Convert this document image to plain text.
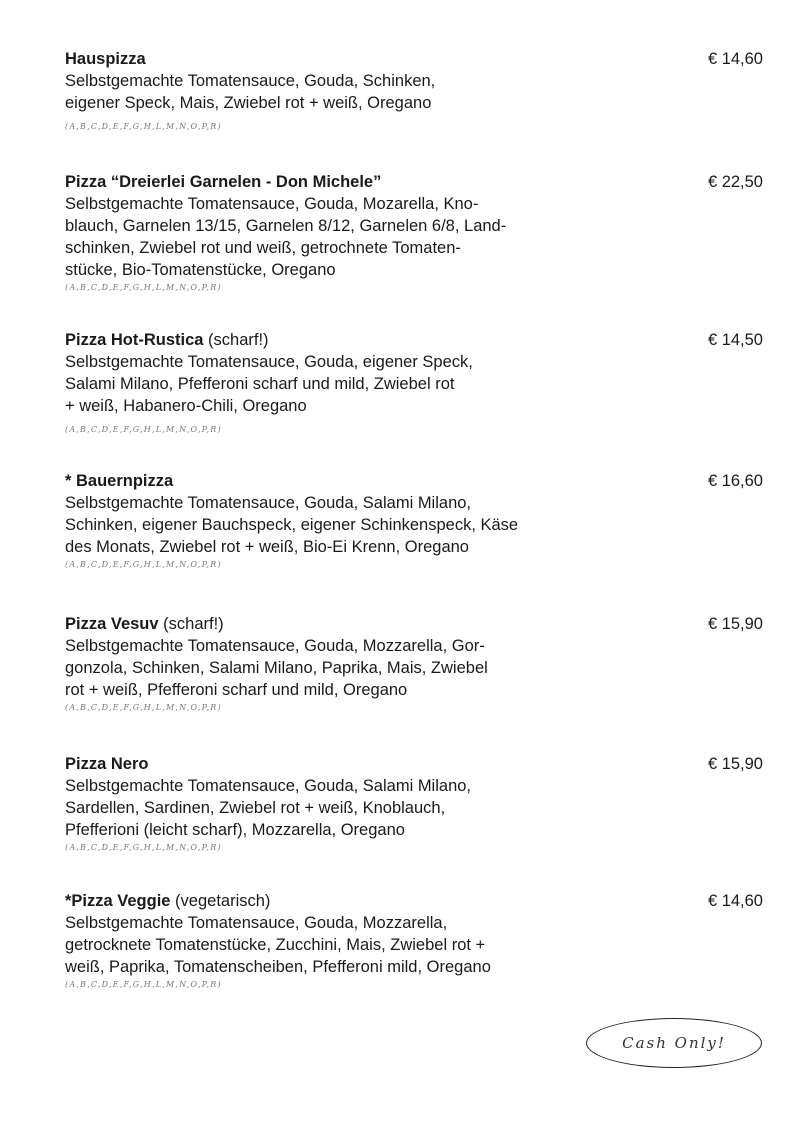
Hauspizza
Selbstgemachte Tomatensauce, Gouda, Schinken,
eigener Speck, Mais, Zwiebel rot + weiß, Oregano
(A,B,C,D,E,F,G,H,L,M,N,O,P,R)
€ 14,60
Pizza “Dreierlei Garnelen - Don Michele”
Selbstgemachte Tomatensauce, Gouda, Mozarella, Kno-
blauch, Garnelen 13/15, Garnelen 8/12, Garnelen 6/8, Land-
schinken, Zwiebel rot und weiß, getrochnete Tomaten-
stücke, Bio-Tomatenstücke, Oregano
(A,B,C,D,E,F,G,H,L,M,N,O,P,R)
€ 22,50
Pizza Hot-Rustica (scharf!)
Selbstgemachte Tomatensauce, Gouda, eigener Speck,
Salami Milano, Pfefferoni scharf und mild, Zwiebel rot
+ weiß, Habanero-Chili, Oregano
(A,B,C,D,E,F,G,H,L,M,N,O,P,R)
€ 14,50
* Bauernpizza
Selbstgemachte Tomatensauce, Gouda, Salami Milano,
Schinken, eigener Bauchspeck, eigener Schinkenspeck, Käse
des Monats, Zwiebel rot + weiß, Bio-Ei Krenn, Oregano
(A,B,C,D,E,F,G,H,L,M,N,O,P,R)
€ 16,60
Pizza Vesuv (scharf!)
Selbstgemachte Tomatensauce, Gouda, Mozzarella, Gor-
gonzola, Schinken, Salami Milano, Paprika, Mais, Zwiebel
rot + weiß, Pfefferoni scharf und mild, Oregano
(A,B,C,D,E,F,G,H,L,M,N,O,P,R)
€ 15,90
Pizza Nero
Selbstgemachte Tomatensauce, Gouda, Salami Milano,
Sardellen, Sardinen, Zwiebel rot + weiß, Knoblauch,
Pfefferioni (leicht scharf), Mozzarella, Oregano
(A,B,C,D,E,F,G,H,L,M,N,O,P,R)
€ 15,90
*Pizza Veggie (vegetarisch)
Selbstgemachte Tomatensauce, Gouda, Mozzarella,
getrocknete Tomatenstücke, Zucchini, Mais, Zwiebel rot +
weiß, Paprika, Tomatenscheiben, Pfefferoni mild, Oregano
(A,B,C,D,E,F,G,H,L,M,N,O,P,R)
€ 14,60
Cash Only!
